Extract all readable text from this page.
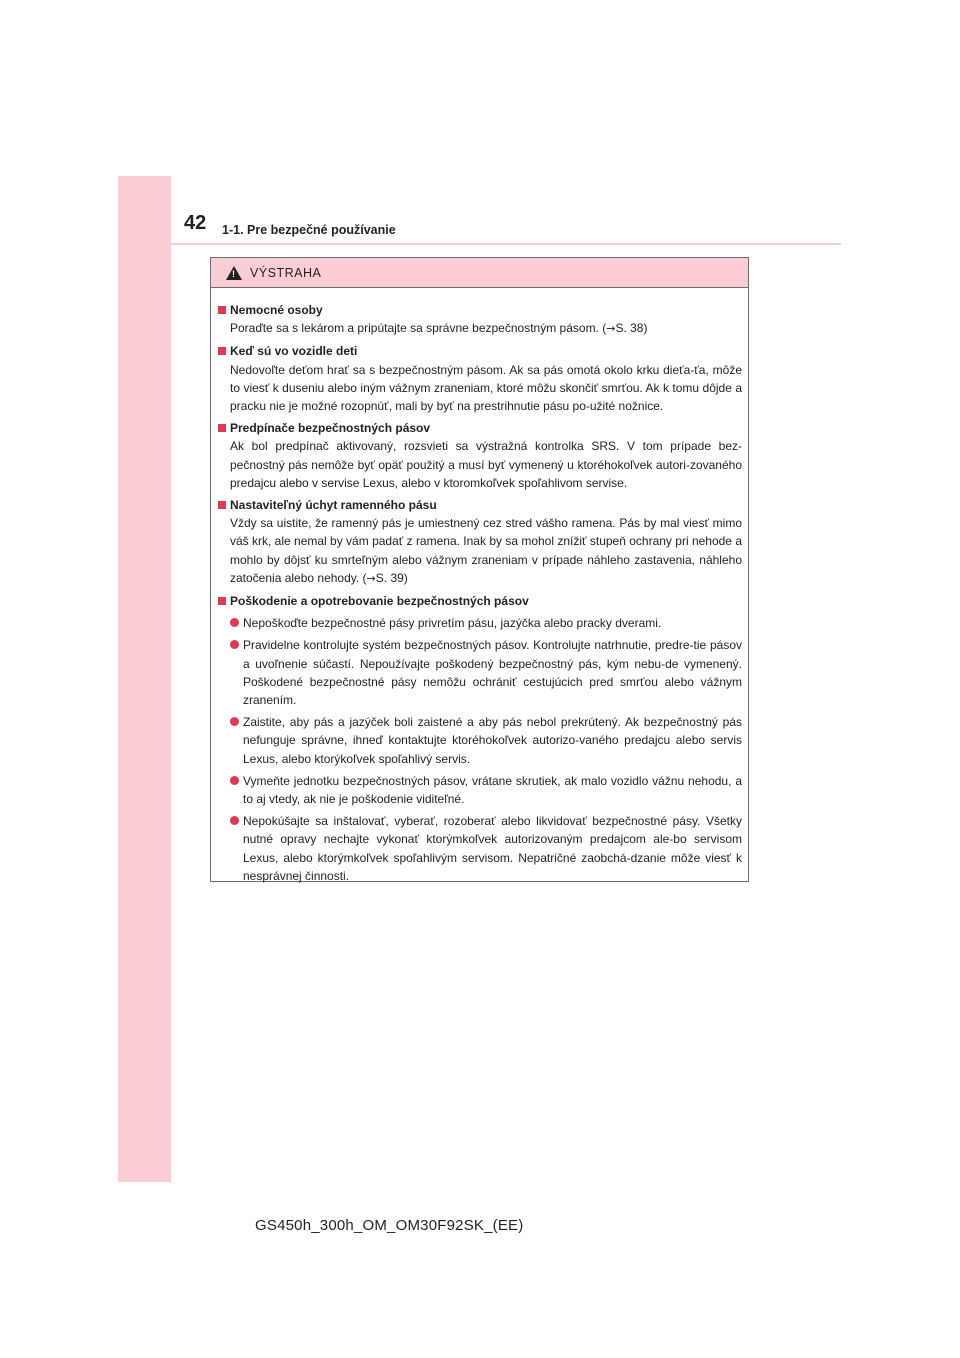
42 1-1. Pre bezpečné používanie
! VÝSTRAHA
Nemocné osoby
Poraďte sa s lekárom a pripútajte sa správne bezpečnostným pásom. (→S. 38)
Keď sú vo vozidle deti
Nedovoľte deťom hrať sa s bezpečnostným pásom. Ak sa pás omotá okolo krku dieťa-ťa, môže to viesť k duseniu alebo iným vážnym zraneniam, ktoré môžu skončiť smrťou. Ak k tomu dôjde a pracku nie je možné rozopnúť, mali by byť na prestrihnutie pásu po-užité nožnice.
Predpínače bezpečnostných pásov
Ak bol predpínač aktivovaný, rozsvieti sa výstražná kontrolka SRS. V tom prípade bez-pečnostný pás nemôže byť opäť použitý a musí byť vymenený u ktoréhokoľvek autori-zovaného predajcu alebo v servise Lexus, alebo v ktoromkoľvek spoľahlivom servise.
Nastaviteľný úchyt ramenného pásu
Vždy sa uistite, že ramenný pás je umiestnený cez stred vášho ramena. Pás by mal viesť mimo váš krk, ale nemal by vám padať z ramena. Inak by sa mohol znížiť stupeň ochrany pri nehode a mohlo by dôjsť ku smrteľným alebo vážnym zraneniam v prípade náhleho zastavenia, náhleho zatočenia alebo nehody. (→S. 39)
Poškodenie a opotrebovanie bezpečnostných pásov
Nepoškoďte bezpečnostné pásy privretím pásu, jazýčka alebo pracky dverami.
Pravidelne kontrolujte systém bezpečnostných pásov. Kontrolujte natrhnutie, predre-tie pásov a uvoľnenie súčastí. Nepoužívajte poškodený bezpečnostný pás, kým nebu-de vymenený. Poškodené bezpečnostné pásy nemôžu ochrániť cestujúcich pred smrťou alebo vážnym zranením.
Zaistite, aby pás a jazýček boli zaistené a aby pás nebol prekrútený. Ak bezpečnostný pás nefunguje správne, ihneď kontaktujte ktoréhokoľvek autorizo-vaného predajcu alebo servis Lexus, alebo ktorýkoľvek spoľahlivý servis.
Vymeňte jednotku bezpečnostných pásov, vrátane skrutiek, ak malo vozidlo vážnu nehodu, a to aj vtedy, ak nie je poškodenie viditeľné.
Nepokúšajte sa inštalovať, vyberať, rozoberať alebo likvidovať bezpečnostné pásy. Všetky nutné opravy nechajte vykonať ktorýmkoľvek autorizovaným predajcom ale-bo servisom Lexus, alebo ktorýmkoľvek spoľahlivým servisom. Nepatričné zaobchá-dzanie môže viesť k nesprávnej činnosti.
GS450h_300h_OM_OM30F92SK_(EE)
